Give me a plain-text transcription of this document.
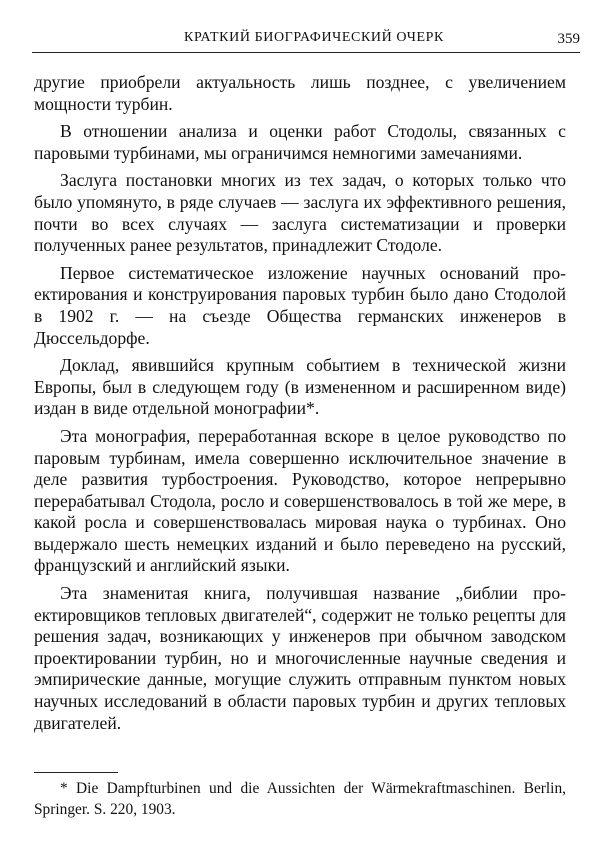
КРАТКИЙ БИОГРАФИЧЕСКИЙ ОЧЕРК	359

другие приобрели актуальность лишь позднее, с увеличением мощности турбин.

В отношении анализа и оценки работ Стодолы, связанных с паровыми турбинами, мы ограничимся немногими замечаниями.

Заслуга постановки многих из тех задач, о которых только что было упомянуто, в ряде случаев — заслуга их эффективного решения, почти во всех случаях — заслуга систематизации и проверки полученных ранее результатов, принадлежит Стодоле.

Первое систематическое изложение научных оснований проектирования и конструирования паровых турбин было дано Стодолой в 1902 г. — на съезде Общества германских инженеров в Дюссельдорфе.

Доклад, явившийся крупным событием в технической жизни Европы, был в следующем году (в измененном и расширенном виде) издан в виде отдельной монографии*.

Эта монография, переработанная вскоре в целое руководство по паровым турбинам, имела совершенно исключительное значение в деле развития турбостроения. Руководство, которое непрерывно перерабатывал Стодола, росло и совершенствовалось в той же мере, в какой росла и совершенствовалась мировая наука о турбинах. Оно выдержало шесть немецких изданий и было переведено на русский, французский и английский языки.

Эта знаменитая книга, получившая название „библии проектировщиков тепловых двигателей“, содержит не только рецепты для решения задач, возникающих у инженеров при обычном заводском проектировании турбин, но и многочисленные научные сведения и эмпирические данные, могущие служить отправным пунктом новых научных исследований в области паровых турбин и других тепловых двигателей.

* Die Dampfturbinen und die Aussichten der Wärmekraftmaschinen. Berlin, Springer. S. 220, 1903.
